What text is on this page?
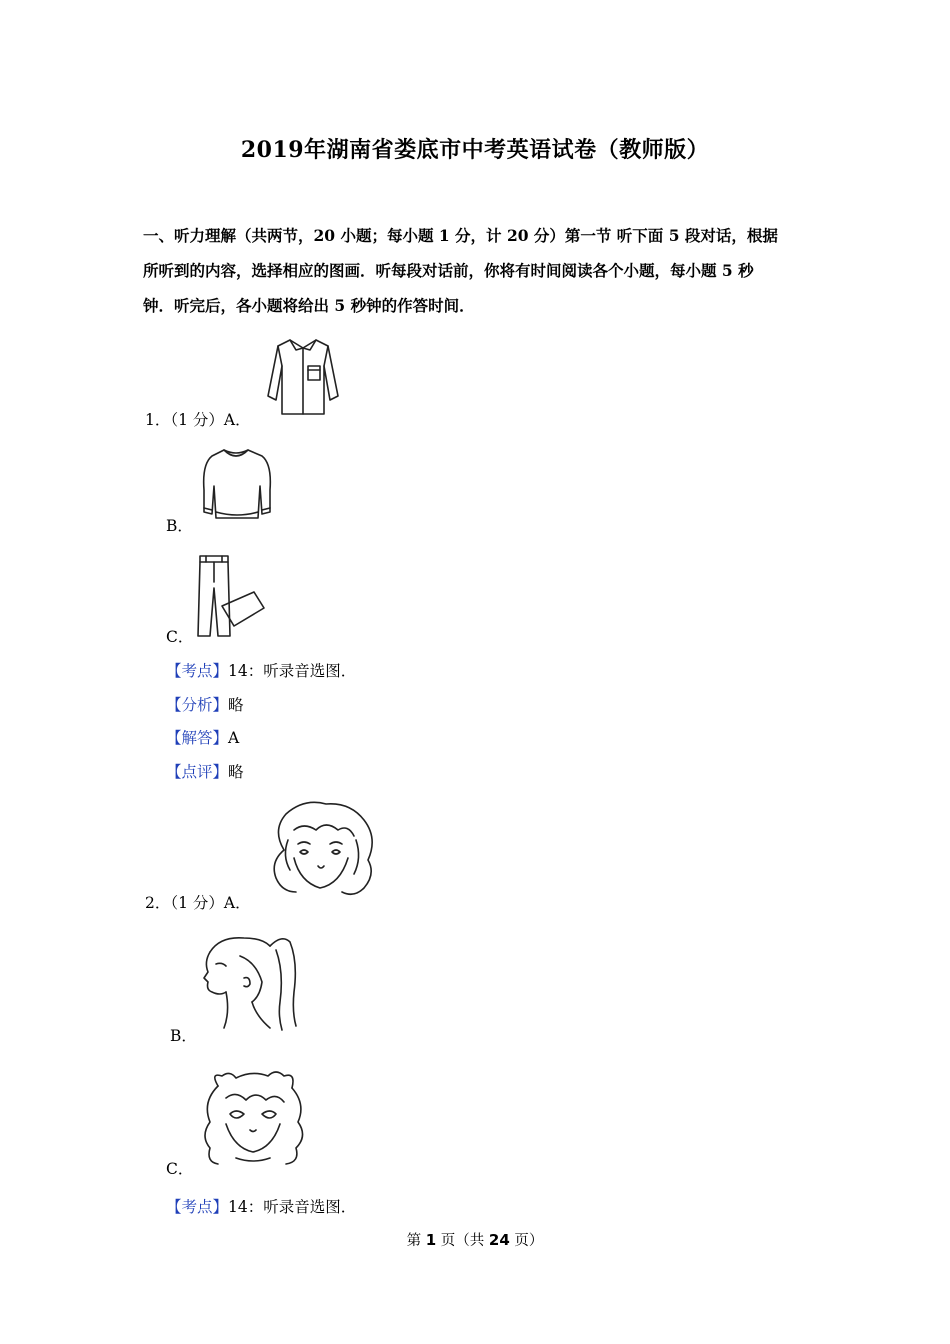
2019年湖南省娄底市中考英语试卷（教师版）
一、听力理解（共两节，20 小题；每小题 1 分，计 20 分）第一节 听下面 5 段对话，根据
所听到的内容，选择相应的图画．听每段对话前，你将有时间阅读各个小题，每小题 5 秒
钟．听完后，各小题将给出 5 秒钟的作答时间．
1．（1 分）A．
B．
C．
【考点】14：听录音选图．
【分析】略
【解答】A
【点评】略
2．（1 分）A．
B．
C．
【考点】14：听录音选图．
第 1 页（共 24 页）
